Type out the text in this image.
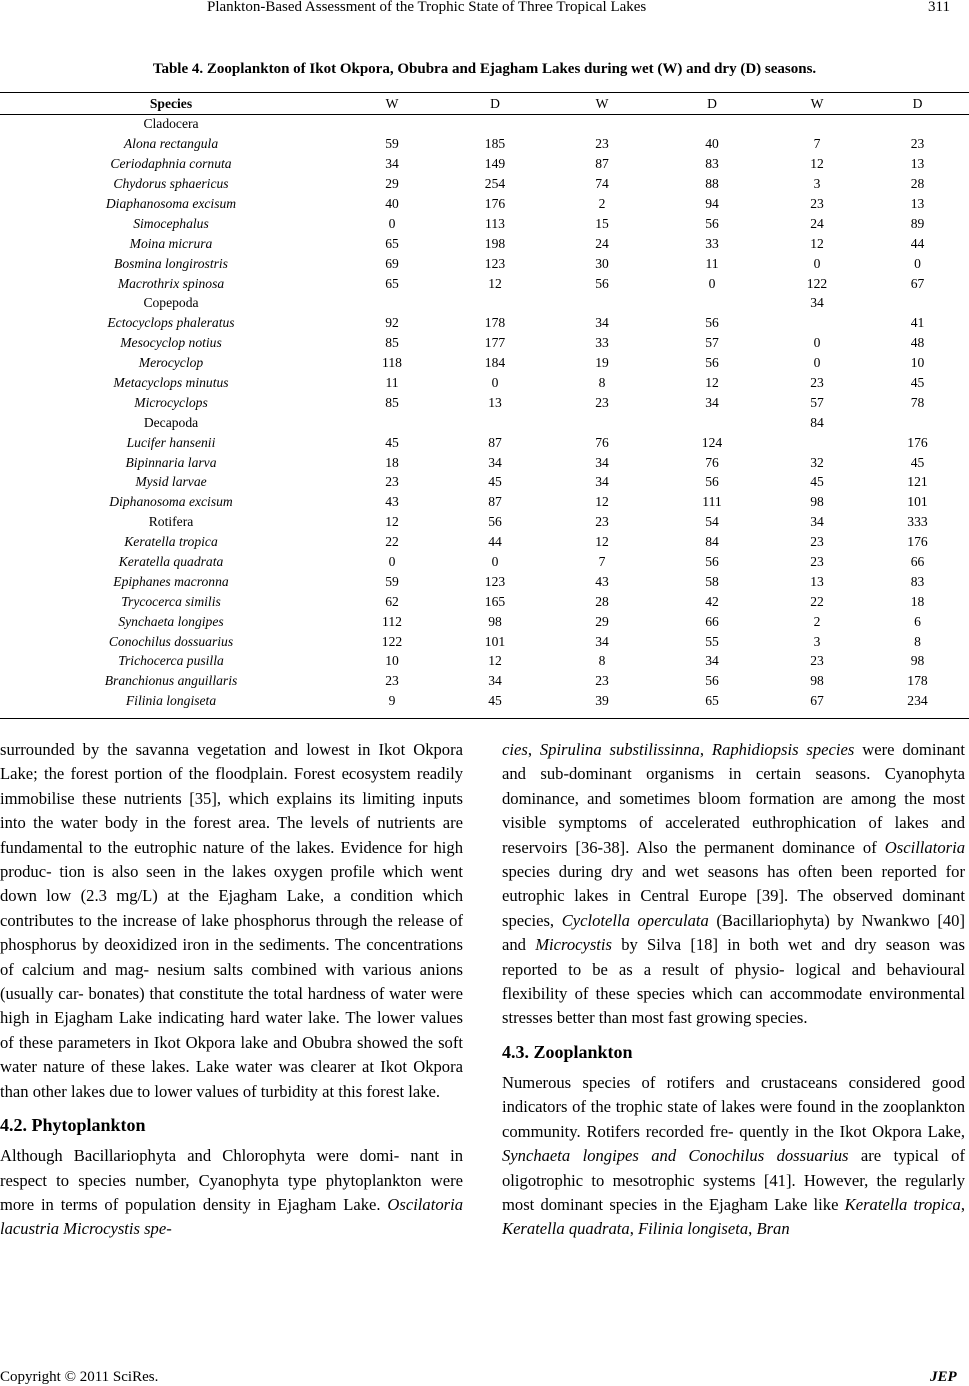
Plankton-Based Assessment of the Trophic State of Three Tropical Lakes	311
Table 4. Zooplankton of Ikot Okpora, Obubra and Ejagham Lakes during wet (W) and dry (D) seasons.
Species	W	D	W	D	W	D
Cladocera						
Alona rectangula	59	185	23	40	7	23
Ceriodaphnia cornuta	34	149	87	83	12	13
Chydorus sphaericus	29	254	74	88	3	28
Diaphanosoma excisum	40	176	2	94	23	13
Simocephalus	0	113	15	56	24	89
Moina micrura	65	198	24	33	12	44
Bosmina longirostris	69	123	30	11	0	0
Macrothrix spinosa	65	12	56	0	122	67
Copepoda					34	
Ectocyclops phaleratus	92	178	34	56		41
Mesocyclop notius	85	177	33	57	0	48
Merocyclop	118	184	19	56	0	10
Metacyclops minutus	11	0	8	12	23	45
Microcyclops	85	13	23	34	57	78
Decapoda					84	
Lucifer hansenii	45	87	76	124		176
Bipinnaria larva	18	34	34	76	32	45
Mysid larvae	23	45	34	56	45	121
Diphanosoma excisum	43	87	12	111	98	101
Rotifera	12	56	23	54	34	333
Keratella tropica	22	44	12	84	23	176
Keratella quadrata	0	0	7	56	23	66
Epiphanes macronna	59	123	43	58	13	83
Trycocerca similis	62	165	28	42	22	18
Synchaeta longipes	112	98	29	66	2	6
Conochilus dossuarius	122	101	34	55	3	8
Trichocerca pusilla	10	12	8	34	23	98
Branchionus anguillaris	23	34	23	56	98	178
Filinia longiseta	9	45	39	65	67	234

surrounded by the savanna vegetation and lowest in Ikot Okpora Lake; the forest portion of the floodplain. Forest ecosystem readily immobilise these nutrients [35], which explains its limiting inputs into the water body in the forest area. The levels of nutrients are fundamental to the eutrophic nature of the lakes. Evidence for high produc- tion is also seen in the lakes oxygen profile which went down low (2.3 mg/L) at the Ejagham Lake, a condition which contributes to the increase of lake phosphorus through the release of phosphorus by deoxidized iron in the sediments. The concentrations of calcium and mag- nesium salts combined with various anions (usually car- bonates) that constitute the total hardness of water were high in Ejagham Lake indicating hard water lake. The lower values of these parameters in Ikot Okpora lake and Obubra showed the soft water nature of these lakes. Lake water was clearer at Ikot Okpora than other lakes due to lower values of turbidity at this forest lake.

4.2. Phytoplankton

Although Bacillariophyta and Chlorophyta were domi- nant in respect to species number, Cyanophyta type phytoplankton were more in terms of population density in Ejagham Lake. Oscilatoria lacustria Microcystis spe-

cies, Spirulina substilissinna, Raphidiopsis species were dominant and sub-dominant organisms in certain seasons. Cyanophyta dominance, and sometimes bloom formation are among the most visible symptoms of accelerated euthrophication of lakes and reservoirs [36-38]. Also the permanent dominance of Oscillatoria species during dry and wet seasons has often been reported for eutrophic lakes in Central Europe [39]. The observed dominant species, Cyclotella operculata (Bacillariophyta) by Nwankwo [40] and Microcystis by Silva [18] in both wet and dry season was reported to be as a result of physio- logical and behavioural flexibility of these species which can accommodate environmental stresses better than most fast growing species.

4.3. Zooplankton

Numerous species of rotifers and crustaceans considered good indicators of the trophic state of lakes were found in the zooplankton community. Rotifers recorded fre- quently in the Ikot Okpora Lake, Synchaeta longipes and Conochilus dossuarius are typical of oligotrophic to mesotrophic systems [41]. However, the regularly most dominant species in the Ejagham Lake like Keratella tropica, Keratella quadrata, Filinia longiseta, Bran

Copyright © 2011 SciRes.	JEP
